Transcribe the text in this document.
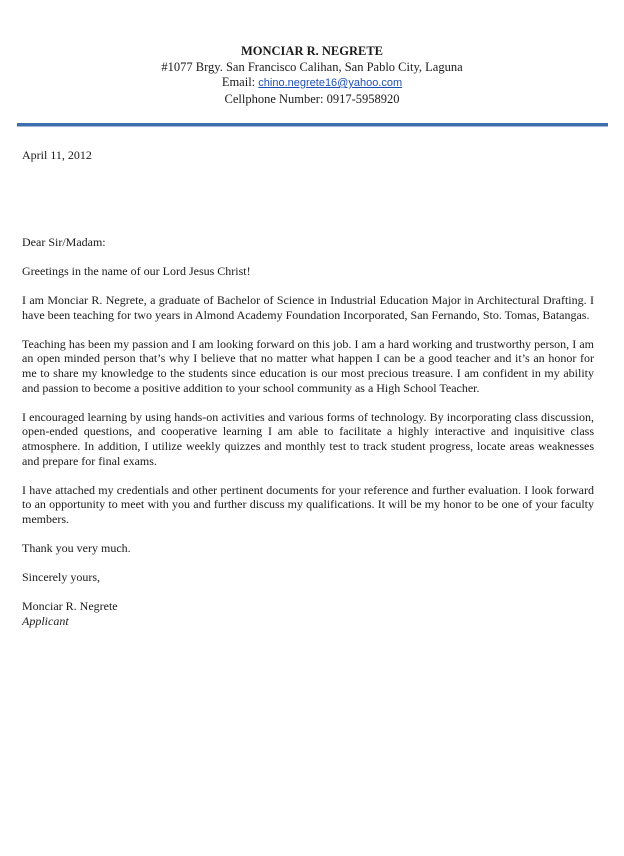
MONCIAR R. NEGRETE
#1077 Brgy. San Francisco Calihan, San Pablo City, Laguna
Email: chino.negrete16@yahoo.com
Cellphone Number: 0917-5958920

April 11, 2012

Dear Sir/Madam:

Greetings in the name of our Lord Jesus Christ!

I am Monciar R. Negrete, a graduate of Bachelor of Science in Industrial Education Major in Architectural Drafting. I have been teaching for two years in Almond Academy Foundation Incorporated, San Fernando, Sto. Tomas, Batangas.

Teaching has been my passion and I am looking forward on this job. I am a hard working and trustworthy person, I am an open minded person that’s why I believe that no matter what happen I can be a good teacher and it’s an honor for me to share my knowledge to the students since education is our most precious treasure. I am confident in my ability and passion to become a positive addition to your school community as a High School Teacher.

I encouraged learning by using hands-on activities and various forms of technology. By incorporating class discussion, open-ended questions, and cooperative learning I am able to facilitate a highly interactive and inquisitive class atmosphere. In addition, I utilize weekly quizzes and monthly test to track student progress, locate areas weaknesses and prepare for final exams.

I have attached my credentials and other pertinent documents for your reference and further evaluation. I look forward to an opportunity to meet with you and further discuss my qualifications. It will be my honor to be one of your faculty members.

Thank you very much.

Sincerely yours,

Monciar R. Negrete

Applicant
